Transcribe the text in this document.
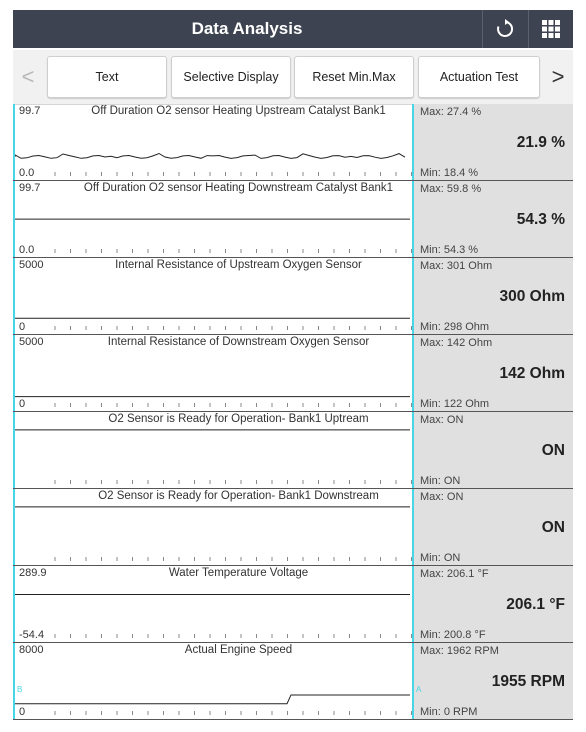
Data Analysis
<	Text	Selective Display	Reset Min.Max	Actuation Test	>
99.7
0.0
Off Duration O2 sensor Heating Upstream Catalyst Bank1	Max: 27.4 %
21.9 %
Min: 18.4 %
99.7
0.0
Off Duration O2 sensor Heating Downstream Catalyst Bank1	Max: 59.8 %
54.3 %
Min: 54.3 %
5000
0
Internal Resistance of Upstream Oxygen Sensor	Max: 301 Ohm
300 Ohm
Min: 298 Ohm
5000
0
Internal Resistance of Downstream Oxygen Sensor	Max: 142 Ohm
142 Ohm
Min: 122 Ohm
O2 Sensor is Ready for Operation- Bank1 Uptream	Max: ON
ON
Min: ON
O2 Sensor is Ready for Operation- Bank1 Downstream	Max: ON
ON
Min: ON
289.9
-54.4
Water Temperature Voltage	Max: 206.1 °F
206.1 °F
Min: 200.8 °F
8000
0
Actual Engine Speed
B
Max: 1962 RPM
1955 RPM
Min: 0 RPM
A
